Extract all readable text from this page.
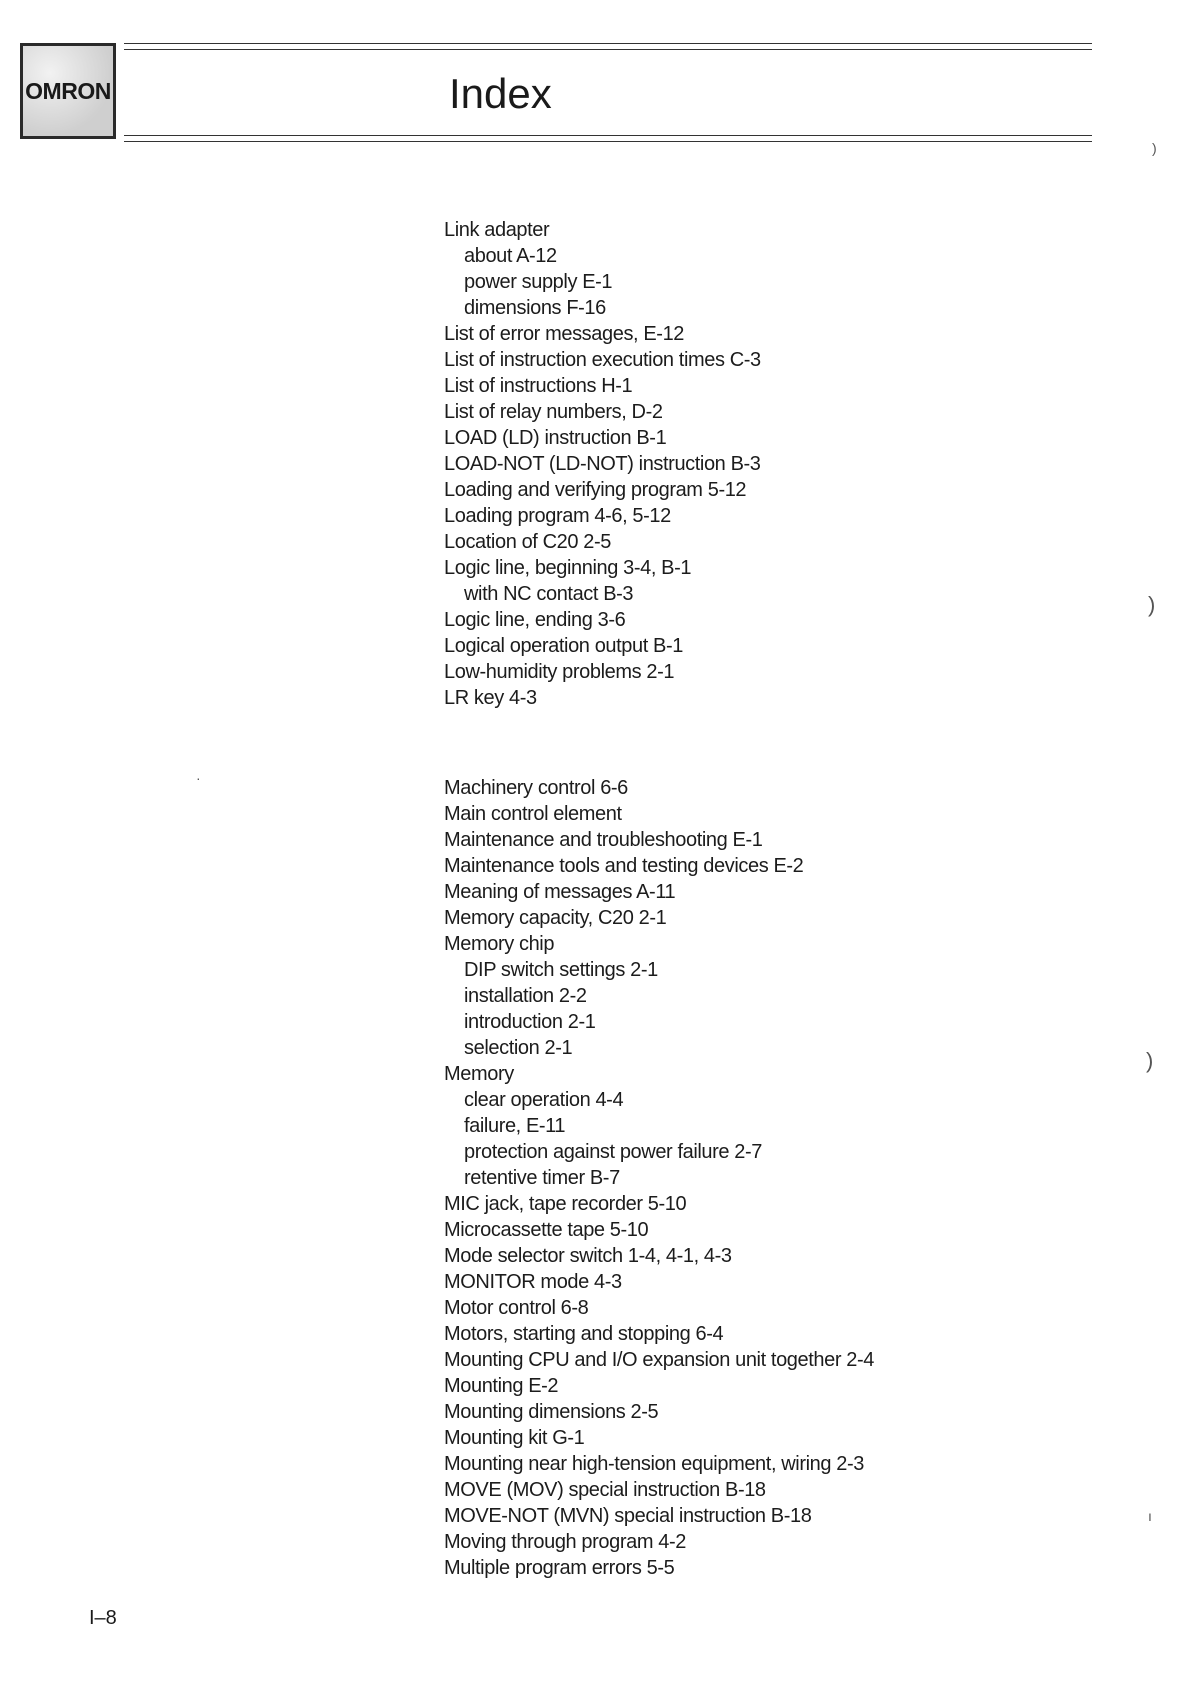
OMRON	Index
Link adapter
about A-12
power supply E-1
dimensions F-16
List of error messages, E-12
List of instruction execution times C-3
List of instructions H-1
List of relay numbers, D-2
LOAD (LD) instruction B-1
LOAD-NOT (LD-NOT) instruction B-3
Loading and verifying program 5-12
Loading program 4-6, 5-12
Location of C20 2-5
Logic line, beginning 3-4, B-1
with NC contact B-3
Logic line, ending 3-6
Logical operation output B-1
Low-humidity problems 2-1
LR key 4-3
Machinery control 6-6
Main control element
Maintenance and troubleshooting E-1
Maintenance tools and testing devices E-2
Meaning of messages A-11
Memory capacity, C20 2-1
Memory chip
DIP switch settings 2-1
installation 2-2
introduction 2-1
selection 2-1
Memory
clear operation 4-4
failure, E-11
protection against power failure 2-7
retentive timer B-7
MIC jack, tape recorder 5-10
Microcassette tape 5-10
Mode selector switch 1-4, 4-1, 4-3
MONITOR mode 4-3
Motor control 6-8
Motors, starting and stopping 6-4
Mounting CPU and I/O expansion unit together 2-4
Mounting E-2
Mounting dimensions 2-5
Mounting kit G-1
Mounting near high-tension equipment, wiring 2-3
MOVE (MOV) special instruction B-18
MOVE-NOT (MVN) special instruction B-18
Moving through program 4-2
Multiple program errors 5-5
)
)
)
ı
·
I–8
